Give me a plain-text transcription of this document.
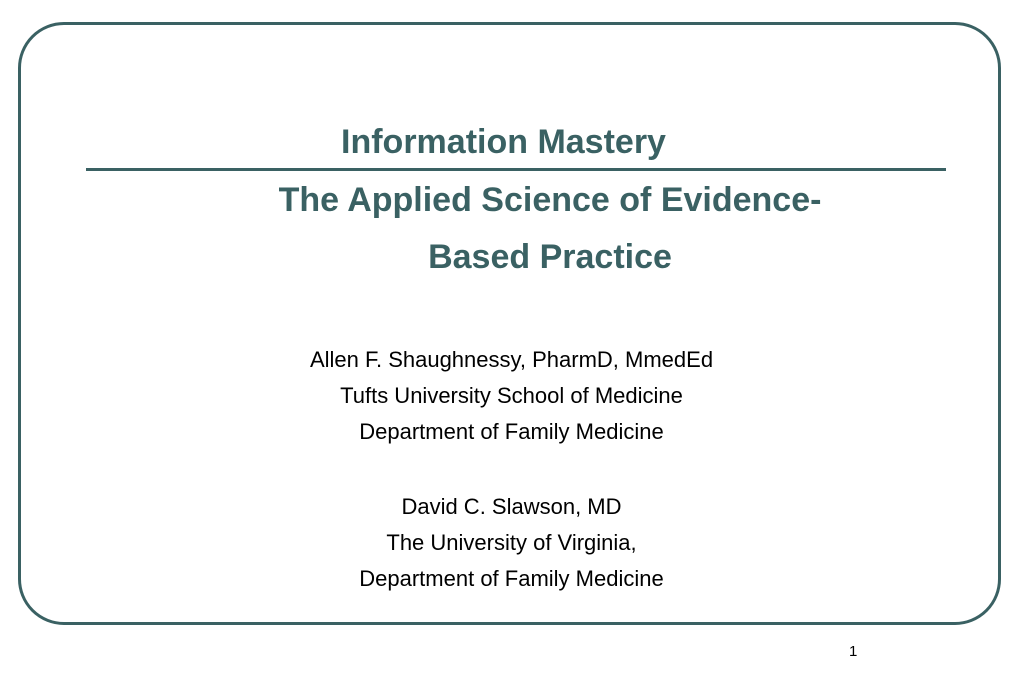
Information Mastery
The Applied Science of Evidence-
Based Practice
Allen F. Shaughnessy, PharmD, MmedEd
Tufts University School of Medicine
Department of Family Medicine
David C. Slawson, MD
The University of Virginia,
Department of Family Medicine
1
